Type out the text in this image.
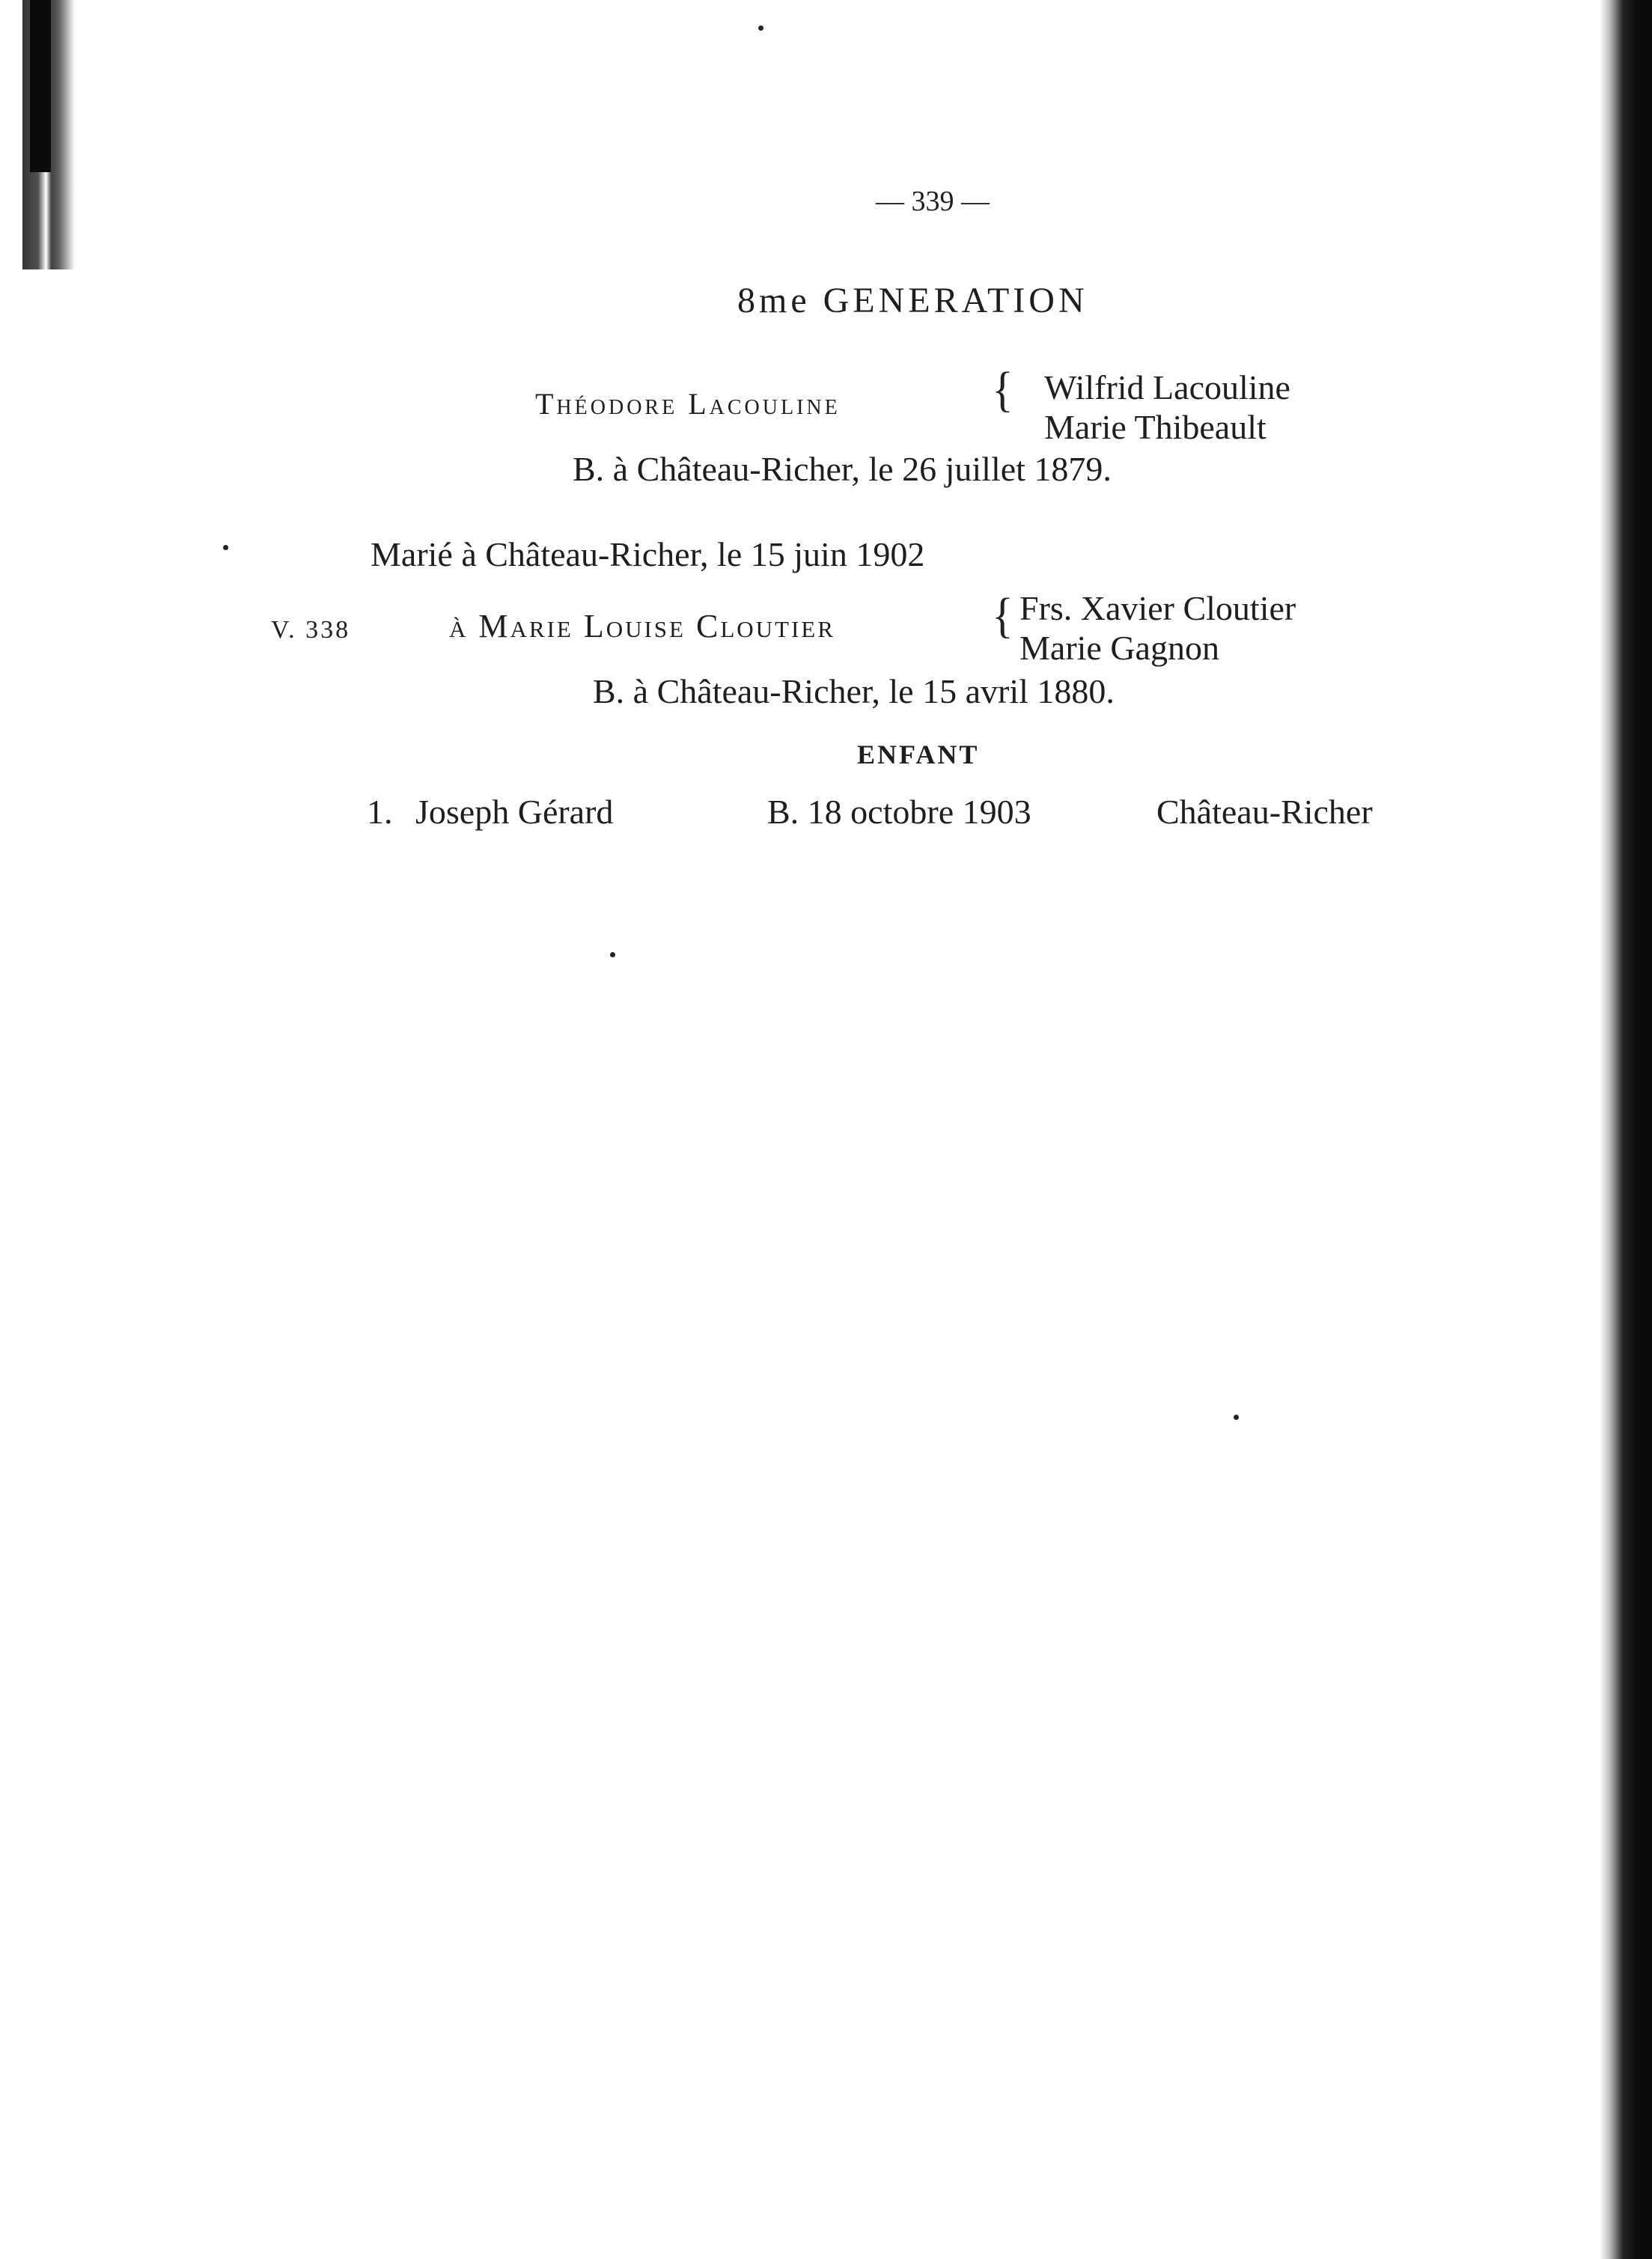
— 339 —
8me GENERATION
Théodore Lacouline	{ Wilfrid Lacouline
Marie Thibeault
B. à Château-Richer, le 26 juillet 1879.
Marié à Château-Richer, le 15 juin 1902
V. 338	à Marie Louise Cloutier	{ Frs. Xavier Cloutier
Marie Gagnon
B. à Château-Richer, le 15 avril 1880.
ENFANT
1. Joseph Gérard	B. 18 octobre 1903	Château-Richer
